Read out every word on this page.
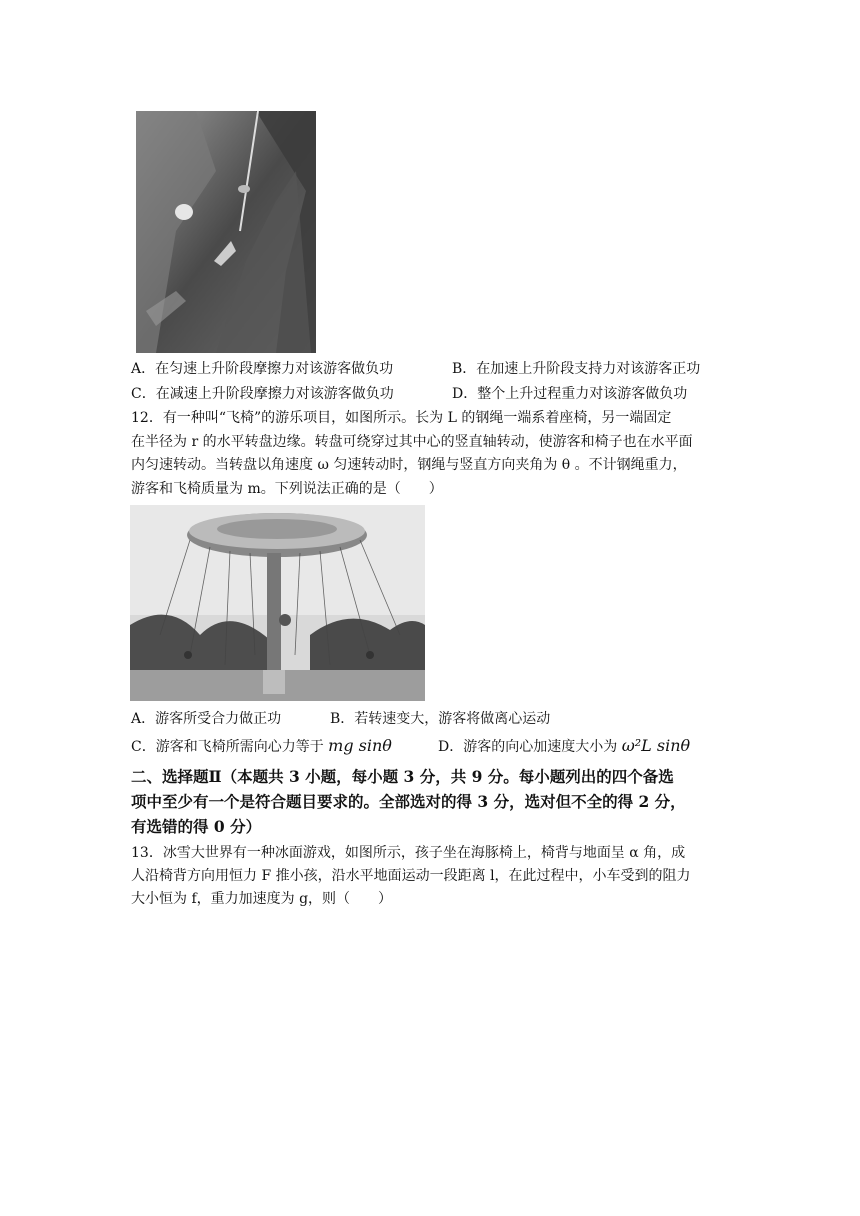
A．在匀速上升阶段摩擦力对该游客做负功	B．在加速上升阶段支持力对该游客正功
C．在减速上升阶段摩擦力对该游客做负功	D．整个上升过程重力对该游客做负功
12．有一种叫“飞椅”的游乐项目，如图所示。长为 L 的钢绳一端系着座椅，另一端固定
在半径为 r 的水平转盘边缘。转盘可绕穿过其中心的竖直轴转动，使游客和椅子也在水平面
内匀速转动。当转盘以角速度 ω 匀速转动时，钢绳与竖直方向夹角为 θ 。不计钢绳重力，
游客和飞椅质量为 m。下列说法正确的是（　　）
A．游客所受合力做正功	B．若转速变大，游客将做离心运动
C．游客和飞椅所需向心力等于 mg sinθ	D．游客的向心加速度大小为 ω²L sinθ
二、选择题Ⅱ（本题共 3 小题，每小题 3 分，共 9 分。每小题列出的四个备选
项中至少有一个是符合题目要求的。全部选对的得 3 分，选对但不全的得 2 分，
有选错的得 0 分）
13．冰雪大世界有一种冰面游戏，如图所示，孩子坐在海豚椅上，椅背与地面呈 α 角，成
人沿椅背方向用恒力 F 推小孩，沿水平地面运动一段距离 l，在此过程中，小车受到的阻力
大小恒为 f，重力加速度为 g，则（　　）
